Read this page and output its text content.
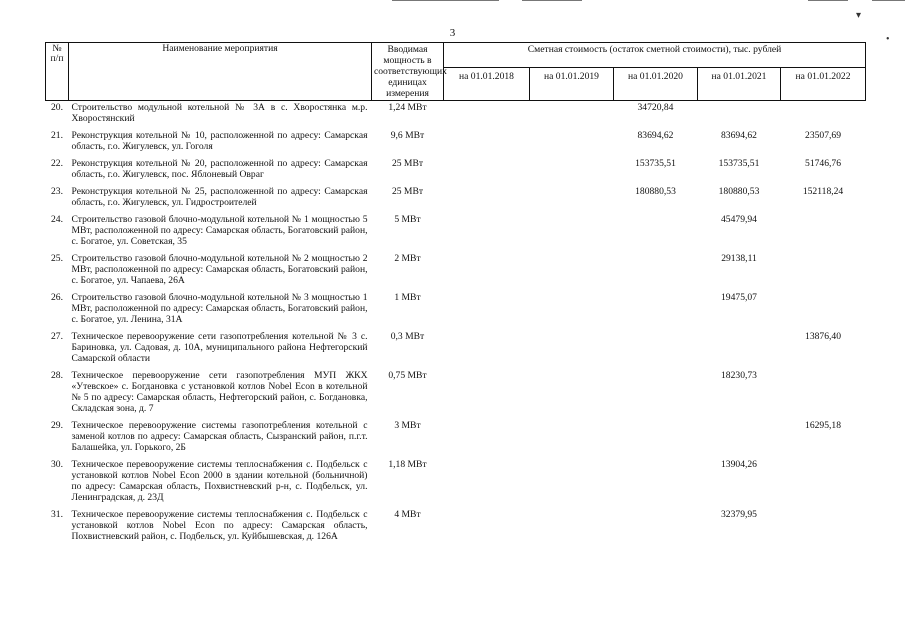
▾
•
3
№
п/п	Наименование мероприятия	Вводимая мощность в соответствующих единицах измерения	Сметная стоимость (остаток сметной стоимости), тыс. рублей				
			на 01.01.2018	на 01.01.2019	на 01.01.2020	на 01.01.2021	на 01.01.2022
20.	Строительство модульной котельной № 3А в с. Хворостянка м.р. Хворостянский	1,24 МВт			34720,84		
21.	Реконструкция котельной № 10, расположенной по адресу: Самарская область, г.о. Жигулевск, ул. Гоголя	9,6 МВт			83694,62	83694,62	23507,69
22.	Реконструкция котельной № 20, расположенной по адресу: Самарская область, г.о. Жигулевск, пос. Яблоневый Овраг	25 МВт			153735,51	153735,51	51746,76
23.	Реконструкция котельной № 25, расположенной по адресу: Самарская область, г.о. Жигулевск, ул. Гидростроителей	25 МВт			180880,53	180880,53	152118,24
24.	Строительство газовой блочно-модульной котельной № 1 мощностью 5 МВт, расположенной по адресу: Самарская область, Богатовский район, с. Богатое, ул. Советская, 35	5 МВт				45479,94	
25.	Строительство газовой блочно-модульной котельной № 2 мощностью 2 МВт, расположенной по адресу: Самарская область, Богатовский район, с. Богатое, ул. Чапаева, 26А	2 МВт				29138,11	
26.	Строительство газовой блочно-модульной котельной № 3 мощностью 1 МВт, расположенной по адресу: Самарская область, Богатовский район, с. Богатое, ул. Ленина, 31А	1 МВт				19475,07	
27.	Техническое перевооружение сети газопотребления котельной № 3 с. Бариновка, ул. Садовая, д. 10А, муниципального района Нефтегорский Самарской области	0,3 МВт					13876,40
28.	Техническое перевооружение сети газопотребления МУП ЖКХ «Утевское» с. Богдановка с установкой котлов Nobel Econ в котельной № 5 по адресу: Самарская область, Нефтегорский район, с. Богдановка, Складская зона, д. 7	0,75 МВт				18230,73	
29.	Техническое перевооружение системы газопотребления котельной с заменой котлов по адресу: Самарская область, Сызранский район, п.г.т. Балашейка, ул. Горького, 2Б	3 МВт					16295,18
30.	Техническое перевооружение системы теплоснабжения с. Подбельск с установкой котлов Nobel Econ 2000 в здании котельной (больничной) по адресу: Самарская область, Похвистневский р-н, с. Подбельск, ул. Ленинградская, д. 23Д	1,18 МВт				13904,26	
31.	Техническое перевооружение системы теплоснабжения с. Подбельск с установкой котлов Nobel Econ по адресу: Самарская область, Похвистневский район, с. Подбельск, ул. Куйбышевская, д. 126А	4 МВт				32379,95	
